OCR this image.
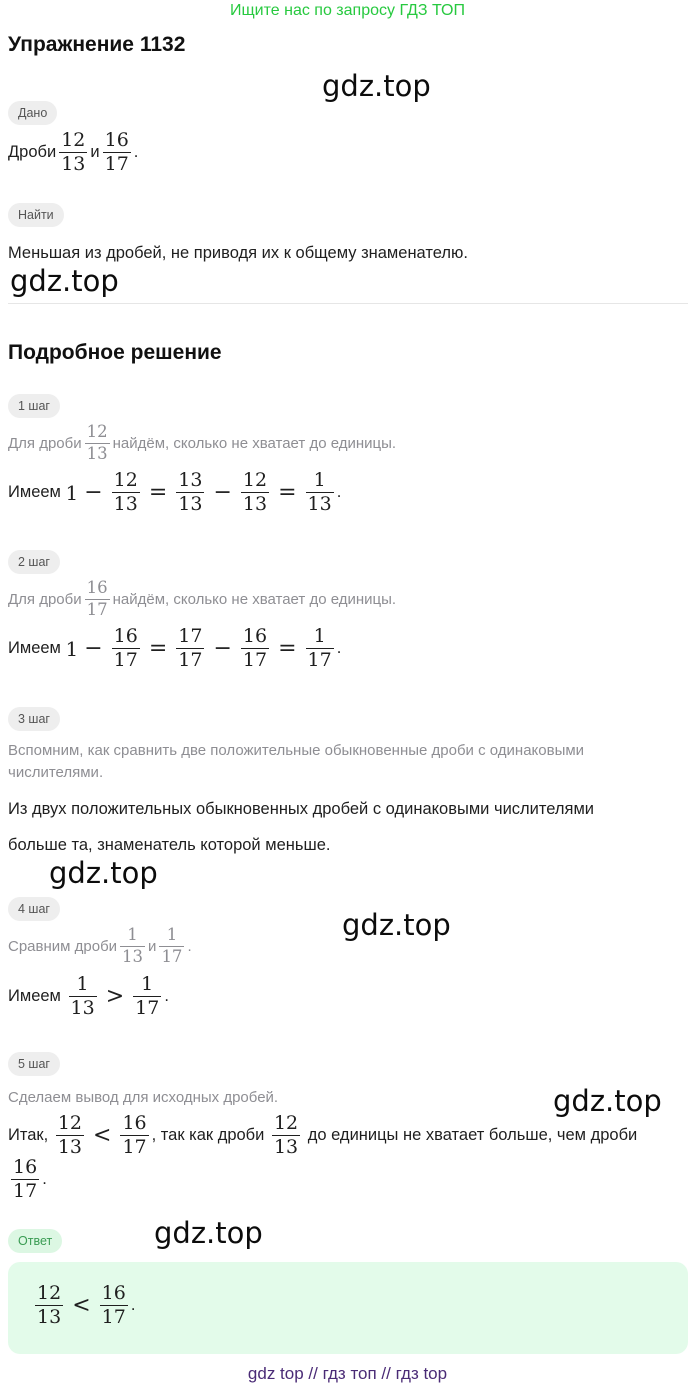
Ищите нас по запросу ГДЗ ТОП
Упражнение 1132
gdz.top
Дано
Дроби $\frac{12}{13}$ и $\frac{16}{17}$ .
Найти
Меньшая из дробей, не приводя их к общему знаменателю.
gdz.top
Подробное решение
1 шаг
Для дроби $\frac{12}{13}$ найдём, сколько не хватает до единицы.
Имеем
$1 - \frac{12}{13} = \frac{13}{13} - \frac{12}{13} = \frac{1}{13}$ .
2 шаг
Для дроби $\frac{16}{17}$ найдём, сколько не хватает до единицы.
Имеем
$1 - \frac{16}{17} = \frac{17}{17} - \frac{16}{17} = \frac{1}{17}$ .
3 шаг
Вспомним, как сравнить две положительные обыкновенные дроби с одинаковыми
числителями.
Из двух положительных обыкновенных дробей с одинаковыми числителями
больше та, знаменатель которой меньше.
gdz.top
4 шаг	gdz.top
Сравним дроби $\frac{1}{13}$ и $\frac{1}{17}$ .
Имеем
$\frac{1}{13} > \frac{1}{17}$ .
5 шаг
Сделаем вывод для исходных дробей.	gdz.top
Итак,
$\frac{12}{13} < \frac{16}{17}$ , так как дроби
$\frac{12}{13}$
до единицы не хватает больше, чем дроби
$\frac{16}{17}$ .
Ответ	gdz.top
$\frac{12}{13} < \frac{16}{17}$ .
gdz top // гдз топ // гдз top
